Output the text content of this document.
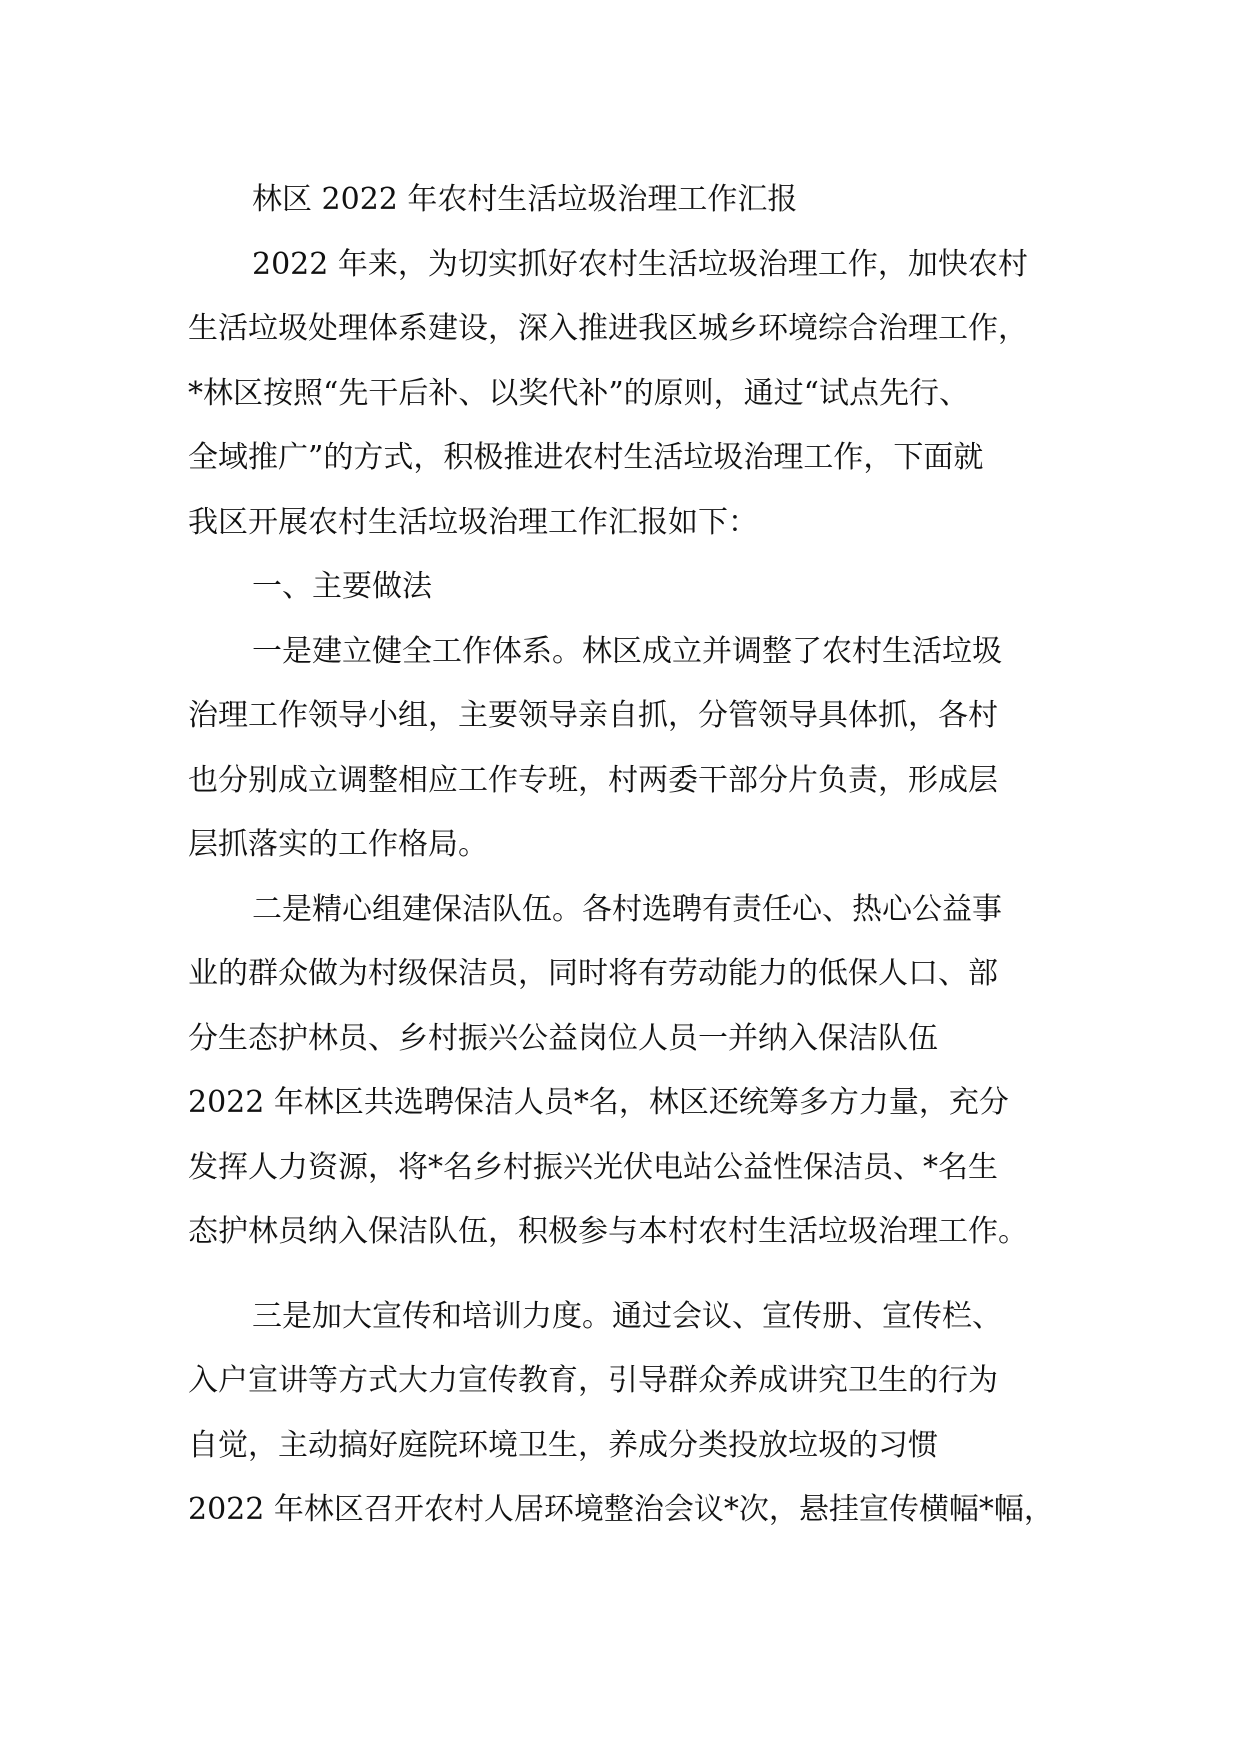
林区 2022 年农村生活垃圾治理工作汇报
2022 年来，为切实抓好农村生活垃圾治理工作，加快农村
生活垃圾处理体系建设，深入推进我区城乡环境综合治理工作，
*林区按照“先干后补、以奖代补”的原则，通过“试点先行、
全域推广”的方式，积极推进农村生活垃圾治理工作，下面就
我区开展农村生活垃圾治理工作汇报如下：
一、主要做法
一是建立健全工作体系。林区成立并调整了农村生活垃圾
治理工作领导小组，主要领导亲自抓，分管领导具体抓，各村
也分别成立调整相应工作专班，村两委干部分片负责，形成层
层抓落实的工作格局。
二是精心组建保洁队伍。各村选聘有责任心、热心公益事
业的群众做为村级保洁员，同时将有劳动能力的低保人口、部
分生态护林员、乡村振兴公益岗位人员一并纳入保洁队伍
2022 年林区共选聘保洁人员*名，林区还统筹多方力量，充分
发挥人力资源，将*名乡村振兴光伏电站公益性保洁员、*名生
态护林员纳入保洁队伍，积极参与本村农村生活垃圾治理工作。
三是加大宣传和培训力度。通过会议、宣传册、宣传栏、
入户宣讲等方式大力宣传教育，引导群众养成讲究卫生的行为
自觉，主动搞好庭院环境卫生，养成分类投放垃圾的习惯
2022 年林区召开农村人居环境整治会议*次，悬挂宣传横幅*幅，
